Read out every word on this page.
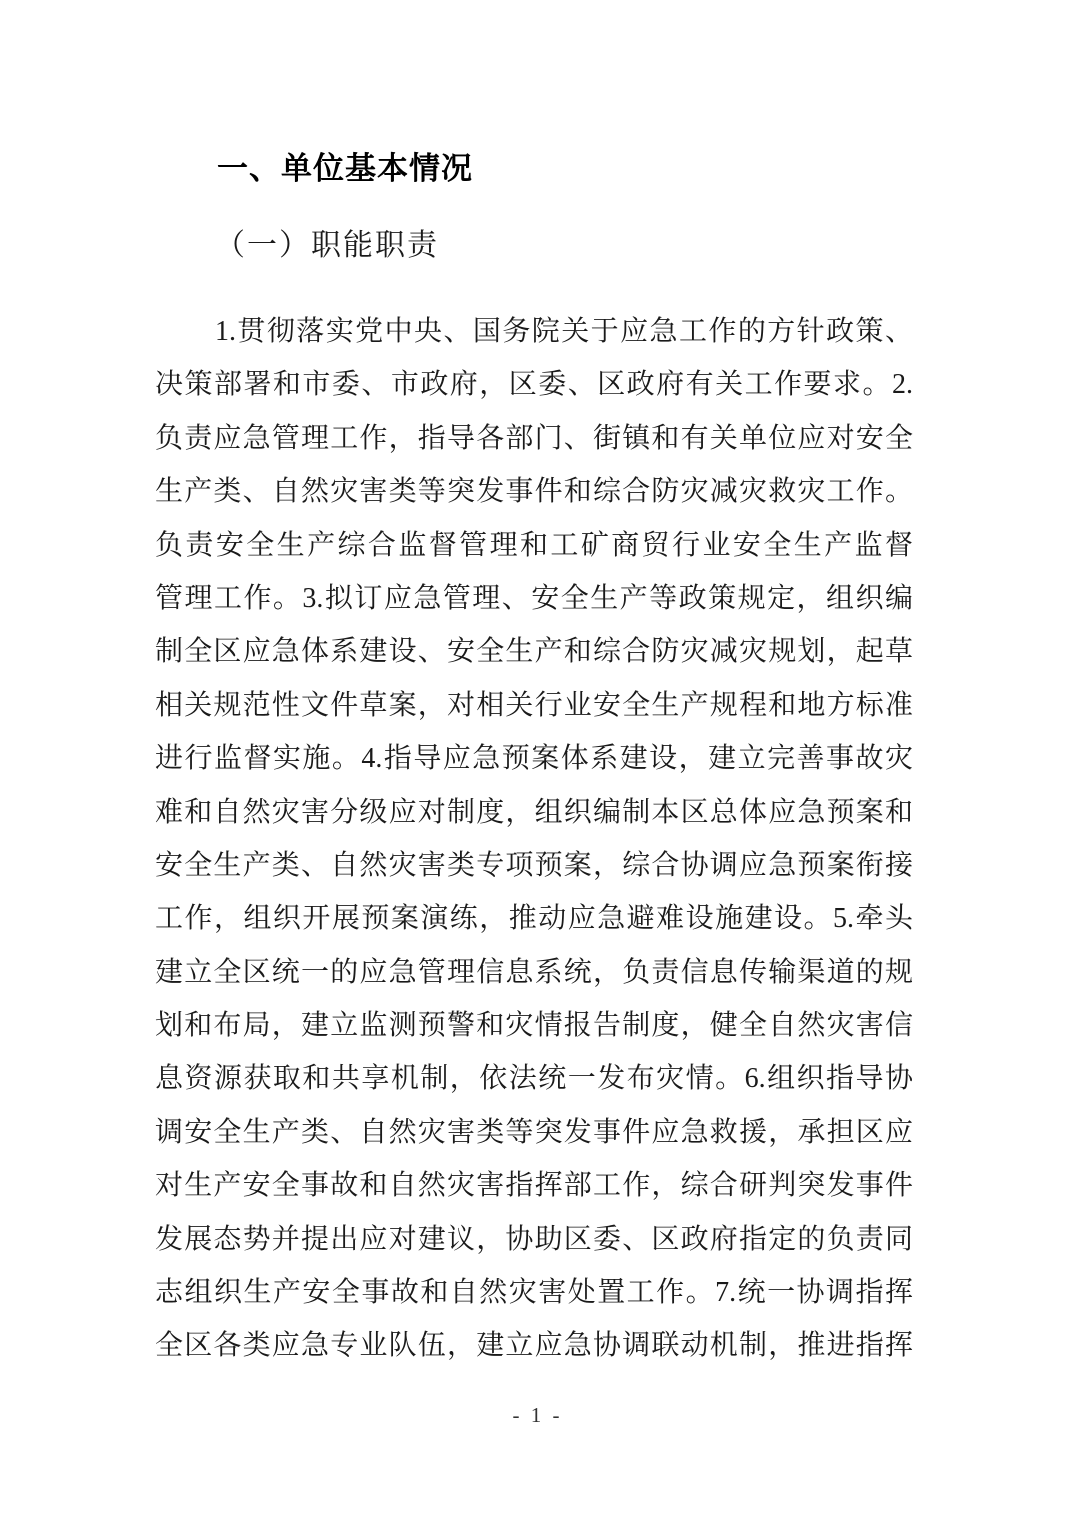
一、单位基本情况
（一）职能职责
1.贯彻落实党中央、国务院关于应急工作的方针政策、
决策部署和市委、市政府，区委、区政府有关工作要求。2.
负责应急管理工作，指导各部门、街镇和有关单位应对安全
生产类、自然灾害类等突发事件和综合防灾减灾救灾工作。
负责安全生产综合监督管理和工矿商贸行业安全生产监督
管理工作。3.拟订应急管理、安全生产等政策规定，组织编
制全区应急体系建设、安全生产和综合防灾减灾规划，起草
相关规范性文件草案，对相关行业安全生产规程和地方标准
进行监督实施。4.指导应急预案体系建设，建立完善事故灾
难和自然灾害分级应对制度，组织编制本区总体应急预案和
安全生产类、自然灾害类专项预案，综合协调应急预案衔接
工作，组织开展预案演练，推动应急避难设施建设。5.牵头
建立全区统一的应急管理信息系统，负责信息传输渠道的规
划和布局，建立监测预警和灾情报告制度，健全自然灾害信
息资源获取和共享机制，依法统一发布灾情。6.组织指导协
调安全生产类、自然灾害类等突发事件应急救援，承担区应
对生产安全事故和自然灾害指挥部工作，综合研判突发事件
发展态势并提出应对建议，协助区委、区政府指定的负责同
志组织生产安全事故和自然灾害处置工作。7.统一协调指挥
全区各类应急专业队伍，建立应急协调联动机制，推进指挥
- 1 -
